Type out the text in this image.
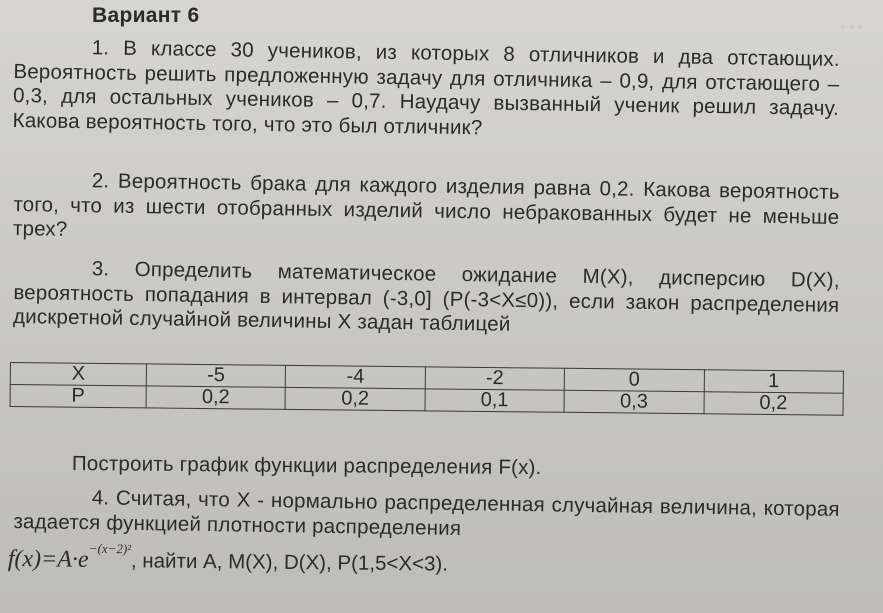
◦ ◦ ◦
Вариант 6
1. В классе 30 учеников, из которых 8 отличников и два отстающих. Вероятность решить предложенную задачу для отличника – 0,9, для отстающего – 0,3, для остальных учеников – 0,7. Наудачу вызванный ученик решил задачу. Какова вероятность того, что это был отличник?
2. Вероятность брака для каждого изделия равна 0,2. Какова вероятность того, что из шести отобранных изделий число небракованных будет не меньше трех?
3. Определить математическое ожидание M(X), дисперсию D(X), вероятность попадания в интервал (-3,0] (P(-3<X≤0)), если закон распределения дискретной случайной величины X задан таблицей
X	-5	-4	-2	0	1
P	0,2	0,2	0,1	0,3	0,2
Построить график функции распределения F(x).
4. Считая, что X - нормально распределенная случайная величина, которая задается функцией плотности распределения
$f(x)=A\cdot e^{-(x-2)^2}$, найти A, M(X), D(X), P(1,5<X<3).
